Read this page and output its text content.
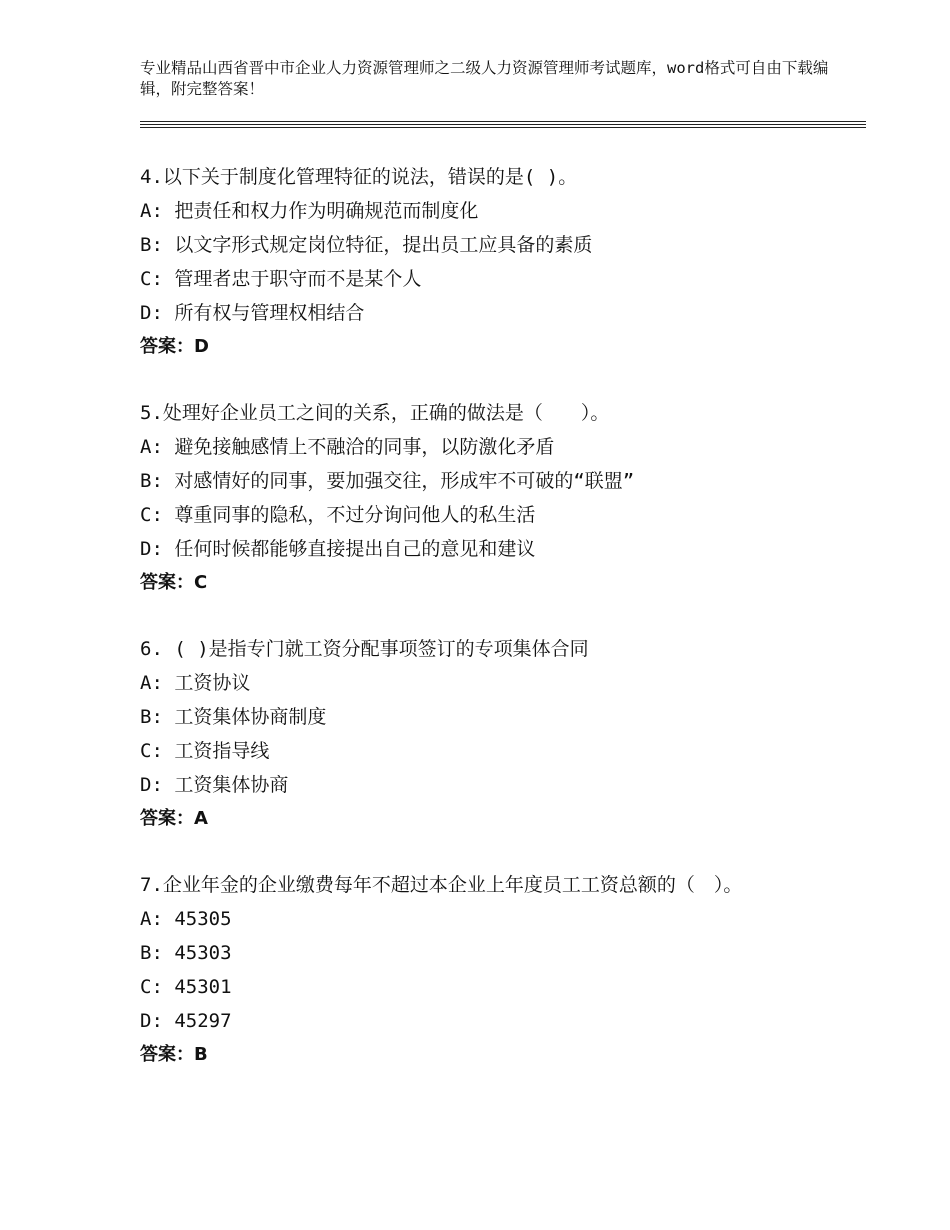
专业精品山西省晋中市企业人力资源管理师之二级人力资源管理师考试题库，word格式可自由下载编辑，附完整答案！
4.以下关于制度化管理特征的说法，错误的是( )。
A: 把责任和权力作为明确规范而制度化
B: 以文字形式规定岗位特征，提出员工应具备的素质
C: 管理者忠于职守而不是某个人
D: 所有权与管理权相结合
答案：D
5.处理好企业员工之间的关系，正确的做法是（　　）。
A: 避免接触感情上不融洽的同事，以防激化矛盾
B: 对感情好的同事，要加强交往，形成牢不可破的“联盟”
C: 尊重同事的隐私，不过分询问他人的私生活
D: 任何时候都能够直接提出自己的意见和建议
答案：C
6. ( )是指专门就工资分配事项签订的专项集体合同
A: 工资协议
B: 工资集体协商制度
C: 工资指导线
D: 工资集体协商
答案：A
7.企业年金的企业缴费每年不超过本企业上年度员工工资总额的（　）。
A: 45305
B: 45303
C: 45301
D: 45297
答案：B
